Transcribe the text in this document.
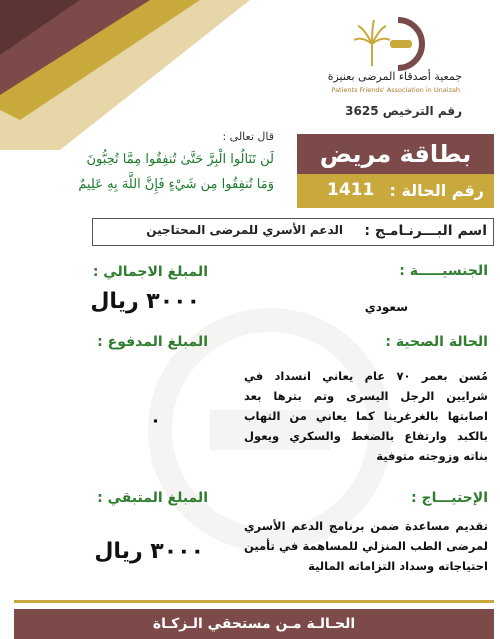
جمعية أصدقاء المرضى بعنيزة
Patients Friends' Association in Unaizah
رقم الترخيص 3625
بطاقة مريض
رقم الحالة :
1411
قال تعالى :
لَن تَنَالُوا الْبِرَّ حَتَّىٰ تُنفِقُوا مِمَّا تُحِبُّونَ
وَمَا تُنفِقُوا مِن شَيْءٍ فَإِنَّ اللَّهَ بِهِ عَلِيمٌ
اسم البـــرنـامـج :
الدعم الأسري للمرضى المحتاجين
الجنسيـــــة :
المبلغ الاجمالي :
٣٠٠٠ ريال	سعودي
الحالة الصحية :
المبلغ المدفوع :
مُسن بعمر ٧٠ عام يعاني انسداد في شرايين الرجل اليسرى وتم بترها بعد اصابتها بالغرغرينا كما يعاني من التهاب بالكبد وارتفاع بالضغط والسكري ويعول بناته وزوجته متوفية
٠
الإحتيـــاج :
المبلغ المتبقي :
تقديم مساعدة ضمن برنامج الدعم الأسري لمرضى الطب المنزلي للمساهمة في تأمين احتياجاته وسداد التزاماته المالية
٣٠٠٠ ريال
الحـالـة مـن مستحقي الـزكـاة
